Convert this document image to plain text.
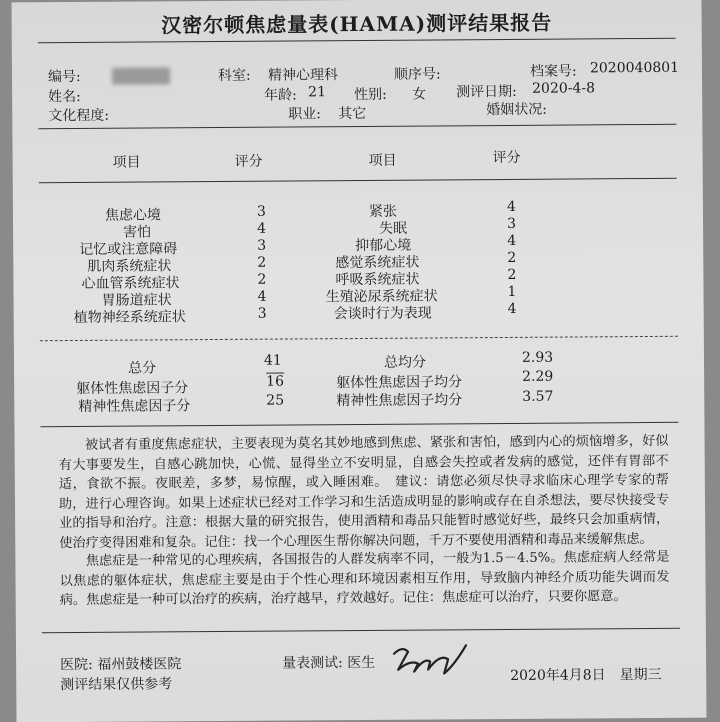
汉密尔顿焦虑量表(HAMA)测评结果报告
编号:	科室: 精神心理科	顺序号:	档案号: 2020040801
姓名:	年龄: 21 性别: 女 测评日期: 2020-4-8
文化程度:	职业: 其它	婚姻状况:
项目	评分	项目	评分
焦虑心境	3	紧张	4
害怕	4	失眠	3
记忆或注意障碍	3	抑郁心境	4
肌肉系统症状	2	感觉系统症状	2
心血管系统症状	2	呼吸系统症状	2
胃肠道症状	4	生殖泌尿系统症状	1
植物神经系统症状	3	会谈时行为表现	4
总分	41	总均分	2.93
躯体性焦虑因子分	16	躯体性焦虑因子均分	2.29
精神性焦虑因子分	25	精神性焦虑因子均分	3.57
被试者有重度焦虑症状，主要表现为莫名其妙地感到焦虑、紧张和害怕，感到内心的烦恼增多，好似有大事要发生，自感心跳加快，心慌、显得坐立不安明显，自感会失控或者发病的感觉，还伴有胃部不适，食欲不振。夜眠差，多梦，易惊醒，或入睡困难。　建议：请您必须尽快寻求临床心理学专家的帮助，进行心理咨询。如果上述症状已经对工作学习和生活造成明显的影响或存在自杀想法，要尽快接受专业的指导和治疗。注意：根据大量的研究报告，使用酒精和毒品只能暂时感觉好些，最终只会加重病情，使治疗变得困难和复杂。记住：找一个心理医生帮你解决问题，千万不要使用酒精和毒品来缓解焦虑。
焦虑症是一种常见的心理疾病，各国报告的人群发病率不同，一般为1.5－4.5%。焦虑症病人经常是以焦虑的躯体症状，焦虑症主要是由于个性心理和环境因素相互作用，导致脑内神经介质功能失调而发病。焦虑症是一种可以治疗的疾病，治疗越早，疗效越好。记住：焦虑症可以治疗，只要你愿意。
医院: 福州鼓楼医院	量表测试: 医生
测评结果仅供参考
2020年4月8日　星期三
